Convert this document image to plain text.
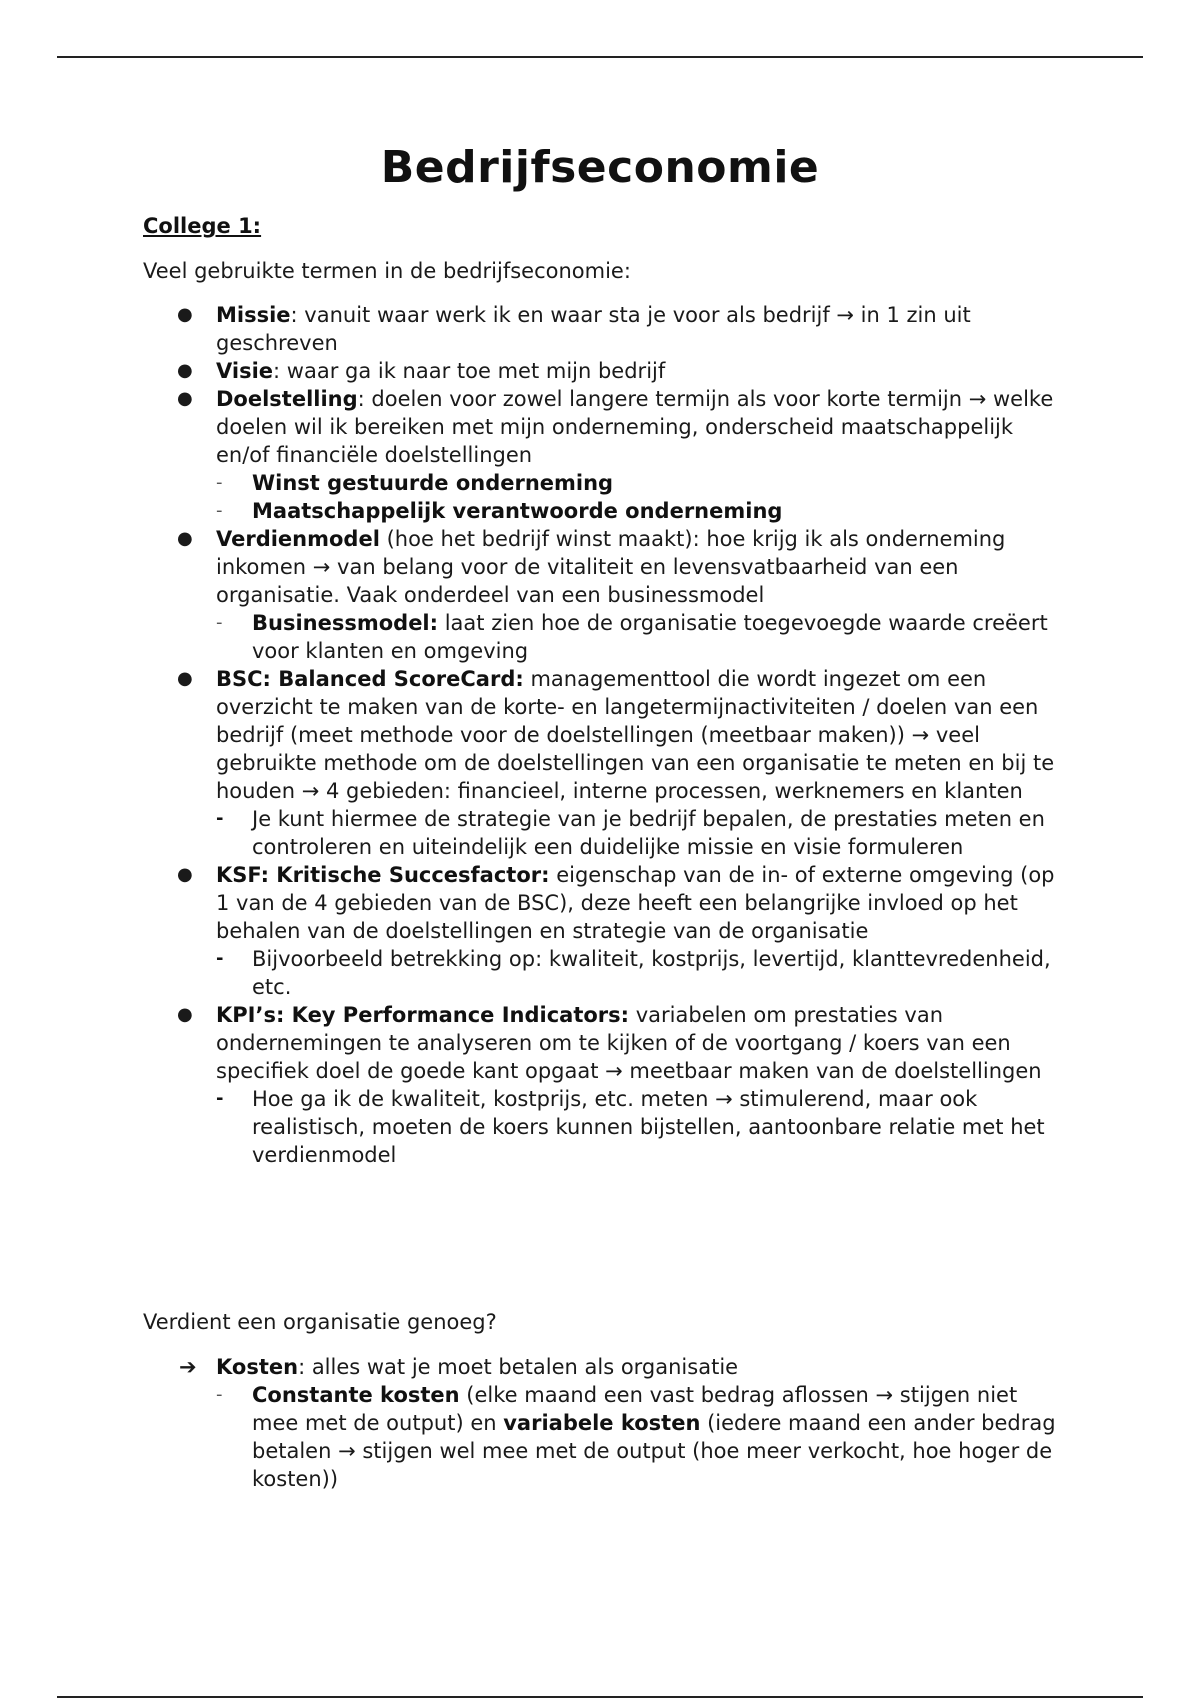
Bedrijfseconomie
College 1:
Veel gebruikte termen in de bedrijfseconomie:
● Missie: vanuit waar werk ik en waar sta je voor als bedrijf → in 1 zin uit geschreven
● Visie: waar ga ik naar toe met mijn bedrijf
● Doelstelling: doelen voor zowel langere termijn als voor korte termijn → welke doelen wil ik bereiken met mijn onderneming, onderscheid maatschappelijk en/of financiële doelstellingen
- Winst gestuurde onderneming
- Maatschappelijk verantwoorde onderneming
● Verdienmodel (hoe het bedrijf winst maakt): hoe krijg ik als onderneming inkomen → van belang voor de vitaliteit en levensvatbaarheid van een organisatie. Vaak onderdeel van een businessmodel
- Businessmodel: laat zien hoe de organisatie toegevoegde waarde creëert voor klanten en omgeving
● BSC: Balanced ScoreCard: managementtool die wordt ingezet om een overzicht te maken van de korte- en langetermijnactiviteiten / doelen van een bedrijf (meet methode voor de doelstellingen (meetbaar maken)) → veel gebruikte methode om de doelstellingen van een organisatie te meten en bij te houden → 4 gebieden: financieel, interne processen, werknemers en klanten
- Je kunt hiermee de strategie van je bedrijf bepalen, de prestaties meten en controleren en uiteindelijk een duidelijke missie en visie formuleren
● KSF: Kritische Succesfactor: eigenschap van de in- of externe omgeving (op 1 van de 4 gebieden van de BSC), deze heeft een belangrijke invloed op het behalen van de doelstellingen en strategie van de organisatie
- Bijvoorbeeld betrekking op: kwaliteit, kostprijs, levertijd, klanttevredenheid, etc.
● KPI’s: Key Performance Indicators: variabelen om prestaties van ondernemingen te analyseren om te kijken of de voortgang / koers van een specifiek doel de goede kant opgaat → meetbaar maken van de doelstellingen
- Hoe ga ik de kwaliteit, kostprijs, etc. meten → stimulerend, maar ook realistisch, moeten de koers kunnen bijstellen, aantoonbare relatie met het verdienmodel
Verdient een organisatie genoeg?
➔ Kosten: alles wat je moet betalen als organisatie
- Constante kosten (elke maand een vast bedrag aflossen → stijgen niet mee met de output) en variabele kosten (iedere maand een ander bedrag betalen → stijgen wel mee met de output (hoe meer verkocht, hoe hoger de kosten))
